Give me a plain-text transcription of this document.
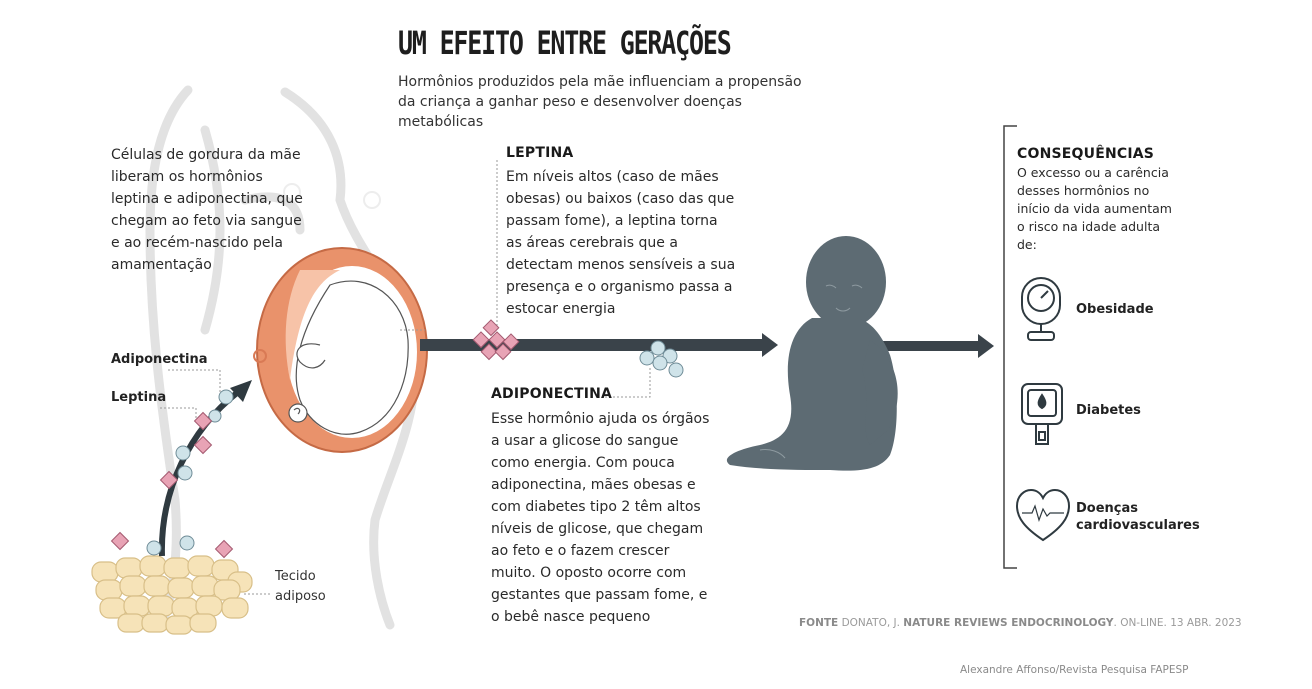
UM EFEITO ENTRE GERAÇÕES
Hormônios produzidos pela mãe influenciam a propensão da criança a ganhar peso e desenvolver doenças metabólicas
Células de gordura da mãe liberam os hormônios leptina e adiponectina, que chegam ao feto via sangue e ao recém-nascido pela amamentação
Adiponectina
Leptina
Tecido adiposo
LEPTINA
Em níveis altos (caso de mães obesas) ou baixos (caso das que passam fome), a leptina torna as áreas cerebrais que a detectam menos sensíveis a sua presença e o organismo passa a estocar energia
ADIPONECTINA
Esse hormônio ajuda os órgãos a usar a glicose do sangue como energia. Com pouca adiponectina, mães obesas e com diabetes tipo 2 têm altos níveis de glicose, que chegam ao feto e o fazem crescer muito. O oposto ocorre com gestantes que passam fome, e o bebê nasce pequeno
CONSEQUÊNCIAS
O excesso ou a carência desses hormônios no início da vida aumentam o risco na idade adulta de:
Obesidade
Diabetes
Doenças cardiovasculares
FONTE DONATO, J. NATURE REVIEWS ENDOCRINOLOGY. ON-LINE. 13 ABR. 2023
Alexandre Affonso/Revista Pesquisa FAPESP
